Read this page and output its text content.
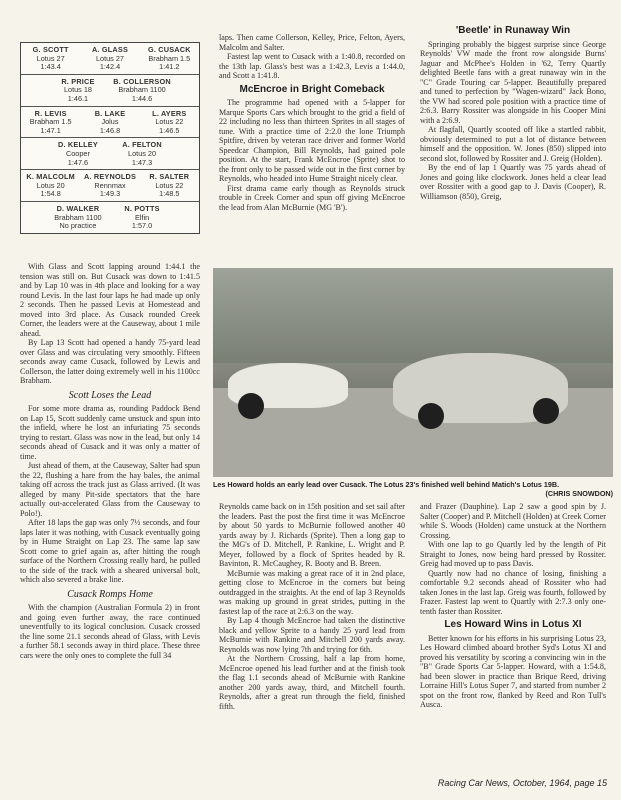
G. SCOTT
Lotus 27
1:43.4
A. GLASS
Lotus 27
1:42.4
G. CUSACK
Brabham 1.5
1:41.2
R. PRICE
Lotus 18
1:46.1
B. COLLERSON
Brabham 1100
1:44.6
R. LEVIS
Brabham 1.5
1:47.1
B. LAKE
Jolus
1:46.8
L. AYERS
Lotus 22
1:46.5
D. KELLEY
Cooper
1:47.6
A. FELTON
Lotus 20
1:47.3
K. MALCOLM
Lotus 20
1:54.8
A. REYNOLDS
Rennmax
1:49.3
R. SALTER
Lotus 22
1:48.5
D. WALKER
Brabham 1100
No practice
N. POTTS
Elfin
1:57.0

With Glass and Scott lapping around 1:44.1 the tension was still on. But Cusack was down to 1:41.5 and by Lap 10 was in 4th place and looking for a way round Levis. In the last four laps he had made up only 2 seconds. Then he passed Levis at Homestead and moved into 3rd place. As Cusack rounded Creek Corner, the leaders were at the Causeway, about 1 mile ahead.

By Lap 13 Scott had opened a handy 75-yard lead over Glass and was circulating very smoothly. Fifteen seconds away came Cusack, followed by Lewis and Collerson, the latter doing extremely well in his 1100cc Brabham.

Scott Loses the Lead

For some more drama as, rounding Paddock Bend on Lap 15, Scott suddenly came unstuck and spun into the infield, where he lost an infuriating 75 seconds trying to restart. Glass was now in the lead, but only 14 seconds ahead of Cusack and it was only a matter of time.

Just ahead of them, at the Causeway, Salter had spun the 22, flushing a hare from the hay bales, the animal taking off across the track just as Glass arrived. (It was alleged by many Pit-side spectators that the hare actually out-accelerated Glass from the Causeway to Polo!).

After 18 laps the gap was only 7½ seconds, and four laps later it was nothing, with Cusack eventually going by in Hume Straight on Lap 23. The same lap saw Scott come to grief again as, after hitting the rough surface of the Northern Crossing really hard, he pulled to the side of the track with a sheared universal bolt, which also severed a brake line.

Cusack Romps Home

With the champion (Australian Formula 2) in front and going even further away, the race continued uneventfully to its logical conclusion. Cusack crossed the line some 21.1 seconds ahead of Glass, with Levis a further 58.1 seconds away in third place. These three cars were the only ones to complete the full 34

laps. Then came Collerson, Kelley, Price, Felton, Ayers, Malcolm and Salter.

Fastest lap went to Cusack with a 1:40.8, recorded on the 13th lap. Glass's best was a 1:42.3, Levis a 1:44.0, and Scott a 1:41.8.

McEncroe in Bright Comeback

The programme had opened with a 5-lapper for Marque Sports Cars which brought to the grid a field of 22 including no less than thirteen Sprites in all stages of tune. With a practice time of 2:2.0 the lone Triumph Spitfire, driven by veteran race driver and former World Speedcar Champion, Bill Reynolds, had gained pole position. At the start, Frank McEncroe (Sprite) shot to the front only to be passed wide out in the first corner by Reynolds, who headed into Hume Straight nicely clear.

First drama came early though as Reynolds struck trouble in Creek Corner and spun off giving McEncroe the lead from Alan McBurnie (MG 'B').

'Beetle' in Runaway Win

Springing probably the biggest surprise since George Reynolds' VW made the front row alongside Burns' Jaguar and McPhee's Holden in '62, Terry Quartly delighted Beetle fans with a great runaway win in the "C" Grade Touring car 5-lapper. Beautifully prepared and tuned to perfection by "Wagen-wizard" Jack Bono, the VW had scored pole position with a practice time of 2:6.3. Barry Rossiter was alongside in his Cooper Mini with a 2:6.9.

At flagfall, Quartly scooted off like a startled rabbit, obviously determined to put a lot of distance between himself and the opposition. W. Jones (850) slipped into second slot, followed by Rossiter and J. Greig (Holden).

By the end of lap 1 Quartly was 75 yards ahead of Jones and going like clockwork. Jones held a clear lead over Rossiter with a good gap to J. Davis (Cooper), R. Williamson (850), Greig,

Les Howard holds an early lead over Cusack. The Lotus 23's finished well behind Matich's Lotus 19B.
(CHRIS SNOWDON)

Reynolds came back on in 15th position and set sail after the leaders. Past the post the first time it was McEncroe by about 50 yards to McBurnie followed another 40 yards away by J. Richards (Sprite). Then a long gap to the MG's of D. Mitchell, P. Rankine, L. Wright and P. Meyer, followed by a flock of Sprites headed by R. Bavinton, R. McCaughey, R. Booty and B. Breen.

McBurnie was making a great race of it in 2nd place, getting close to McEncroe in the corners but being outdragged in the straights. At the end of lap 3 Reynolds was making up ground in great strides, putting in the fastest lap of the race at 2:6.3 on the way.

By Lap 4 though McEncroe had taken the distinctive black and yellow Sprite to a handy 25 yard lead from McBurnie with Rankine and Mitchell 200 yards away. Reynolds was now lying 7th and trying for 6th.

At the Northern Crossing, half a lap from home, McEncroe opened his lead further and at the finish took the flag 1.1 seconds ahead of McBurnie with Rankine another 200 yards away, third, and Mitchell fourth. Reynolds, after a great run through the field, finished fifth.

and Frazer (Dauphine). Lap 2 saw a good spin by J. Salter (Cooper) and P. Mitchell (Holden) at Creek Corner while S. Woods (Holden) came unstuck at the Northern Crossing.

With one lap to go Quartly led by the length of Pit Straight to Jones, now being hard pressed by Rossiter. Greig had moved up to pass Davis.

Quartly now had no chance of losing, finishing a comfortable 9.2 seconds ahead of Rossiter who had taken Jones in the last lap. Greig was fourth, followed by Frazer. Fastest lap went to Quartly with 2:7.3 only one-tenth faster than Rossiter.

Les Howard Wins in Lotus XI

Better known for his efforts in his surprising Lotus 23, Les Howard climbed aboard brother Syd's Lotus XI and proved his versatility by scoring a convincing win in the "B" Grade Sports Car 5-lapper. Howard, with a 1:54.8, had been slower in practice than Brique Reed, driving Lorraine Hill's Lotus Super 7, and started from number 2 spot on the front row, flanked by Reed and Ron Tull's Ausca.

Racing Car News, October, 1964, page 15
